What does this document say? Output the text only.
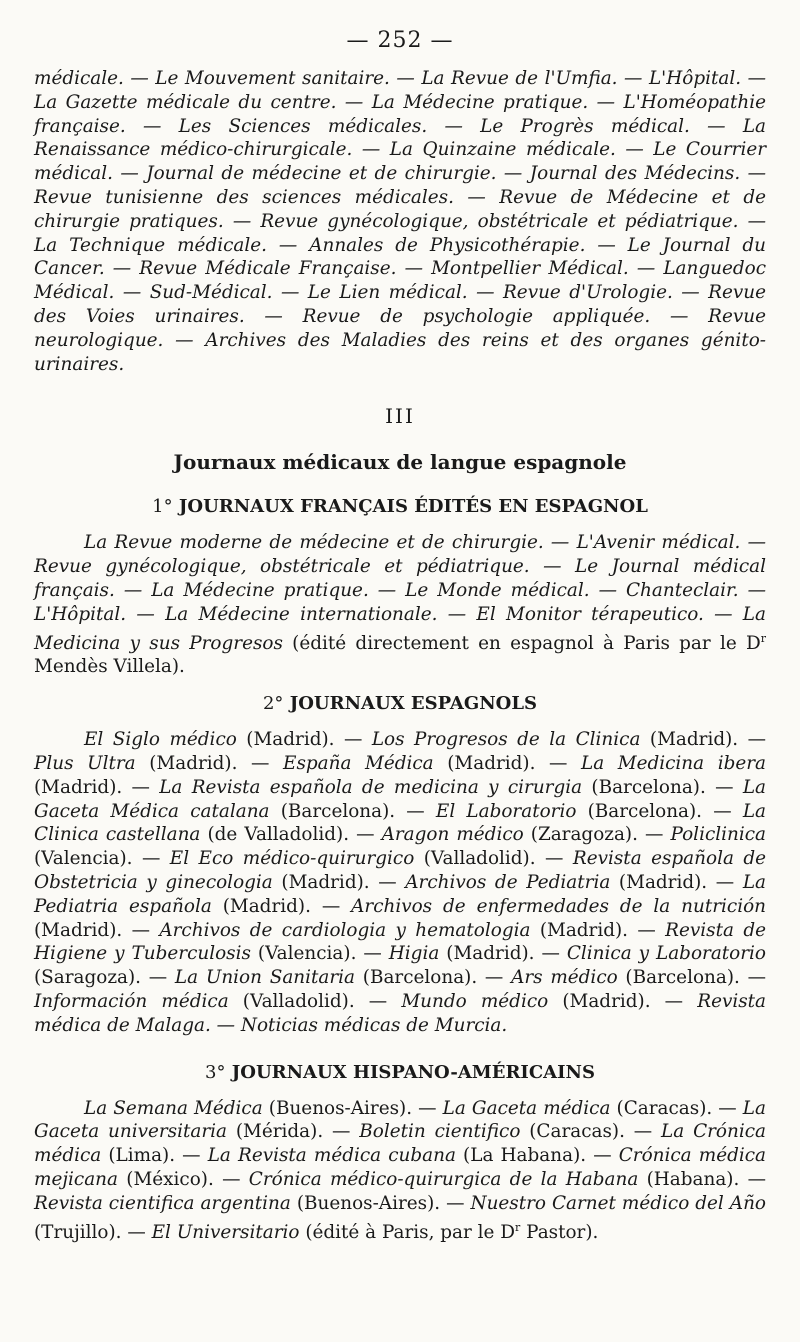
— 252 —

médicale. — Le Mouvement sanitaire. — La Revue de l'Umfia. — L'Hôpital. — La Gazette médicale du centre. — La Médecine pratique. — L'Homéopathie française. — Les Sciences médicales. — Le Progrès médical. — La Renaissance médico-chirurgicale. — La Quinzaine médicale. — Le Courrier médical. — Journal de médecine et de chirurgie. — Journal des Médecins. — Revue tunisienne des sciences médicales. — Revue de Médecine et de chirurgie pratiques. — Revue gynécologique, obstétricale et pédiatrique. — La Technique médicale. — Annales de Physicothérapie. — Le Journal du Cancer. — Revue Médicale Française. — Montpellier Médical. — Languedoc Médical. — Sud-Médical. — Le Lien médical. — Revue d'Urologie. — Revue des Voies urinaires. — Revue de psychologie appliquée. — Revue neurologique. — Archives des Maladies des reins et des organes génito-urinaires.

III
Journaux médicaux de langue espagnole
1° JOURNAUX FRANÇAIS ÉDITÉS EN ESPAGNOL

La Revue moderne de médecine et de chirurgie. — L'Avenir médical. — Revue gynécologique, obstétricale et pédiatrique. — Le Journal médical français. — La Médecine pratique. — Le Monde médical. — Chanteclair. — L'Hôpital. — La Médecine internationale. — El Monitor térapeutico. — La Medicina y sus Progresos (édité directement en espagnol à Paris par le $D^r$ Mendès Villela).

2° JOURNAUX ESPAGNOLS

El Siglo médico (Madrid). — Los Progresos de la Clinica (Madrid). — Plus Ultra (Madrid). — España Médica (Madrid). — La Medicina ibera (Madrid). — La Revista española de medicina y cirurgia (Barcelona). — La Gaceta Médica catalana (Barcelona). — El Laboratorio (Barcelona). — La Clinica castellana (de Valladolid). — Aragon médico (Zaragoza). — Policlinica (Valencia). — El Eco médico-quirurgico (Valladolid). — Revista española de Obstetricia y ginecologia (Madrid). — Archivos de Pediatria (Madrid). — La Pediatria española (Madrid). — Archivos de enfermedades de la nutrición (Madrid). — Archivos de cardiologia y hematologia (Madrid). — Revista de Higiene y Tuberculosis (Valencia). — Higia (Madrid). — Clinica y Laboratorio (Saragoza). — La Union Sanitaria (Barcelona). — Ars médico (Barcelona). — Información médica (Valladolid). — Mundo médico (Madrid). — Revista médica de Malaga. — Noticias médicas de Murcia.

3° JOURNAUX HISPANO-AMÉRICAINS

La Semana Médica (Buenos-Aires). — La Gaceta médica (Caracas). — La Gaceta universitaria (Mérida). — Boletin cientifico (Caracas). — La Crónica médica (Lima). — La Revista médica cubana (La Habana). — Crónica médica mejicana (México). — Crónica médico-quirurgica de la Habana (Habana). — Revista cientifica argentina (Buenos-Aires). — Nuestro Carnet médico del Año (Trujillo). — El Universitario (édité à Paris, par le $D^r$ Pastor).
